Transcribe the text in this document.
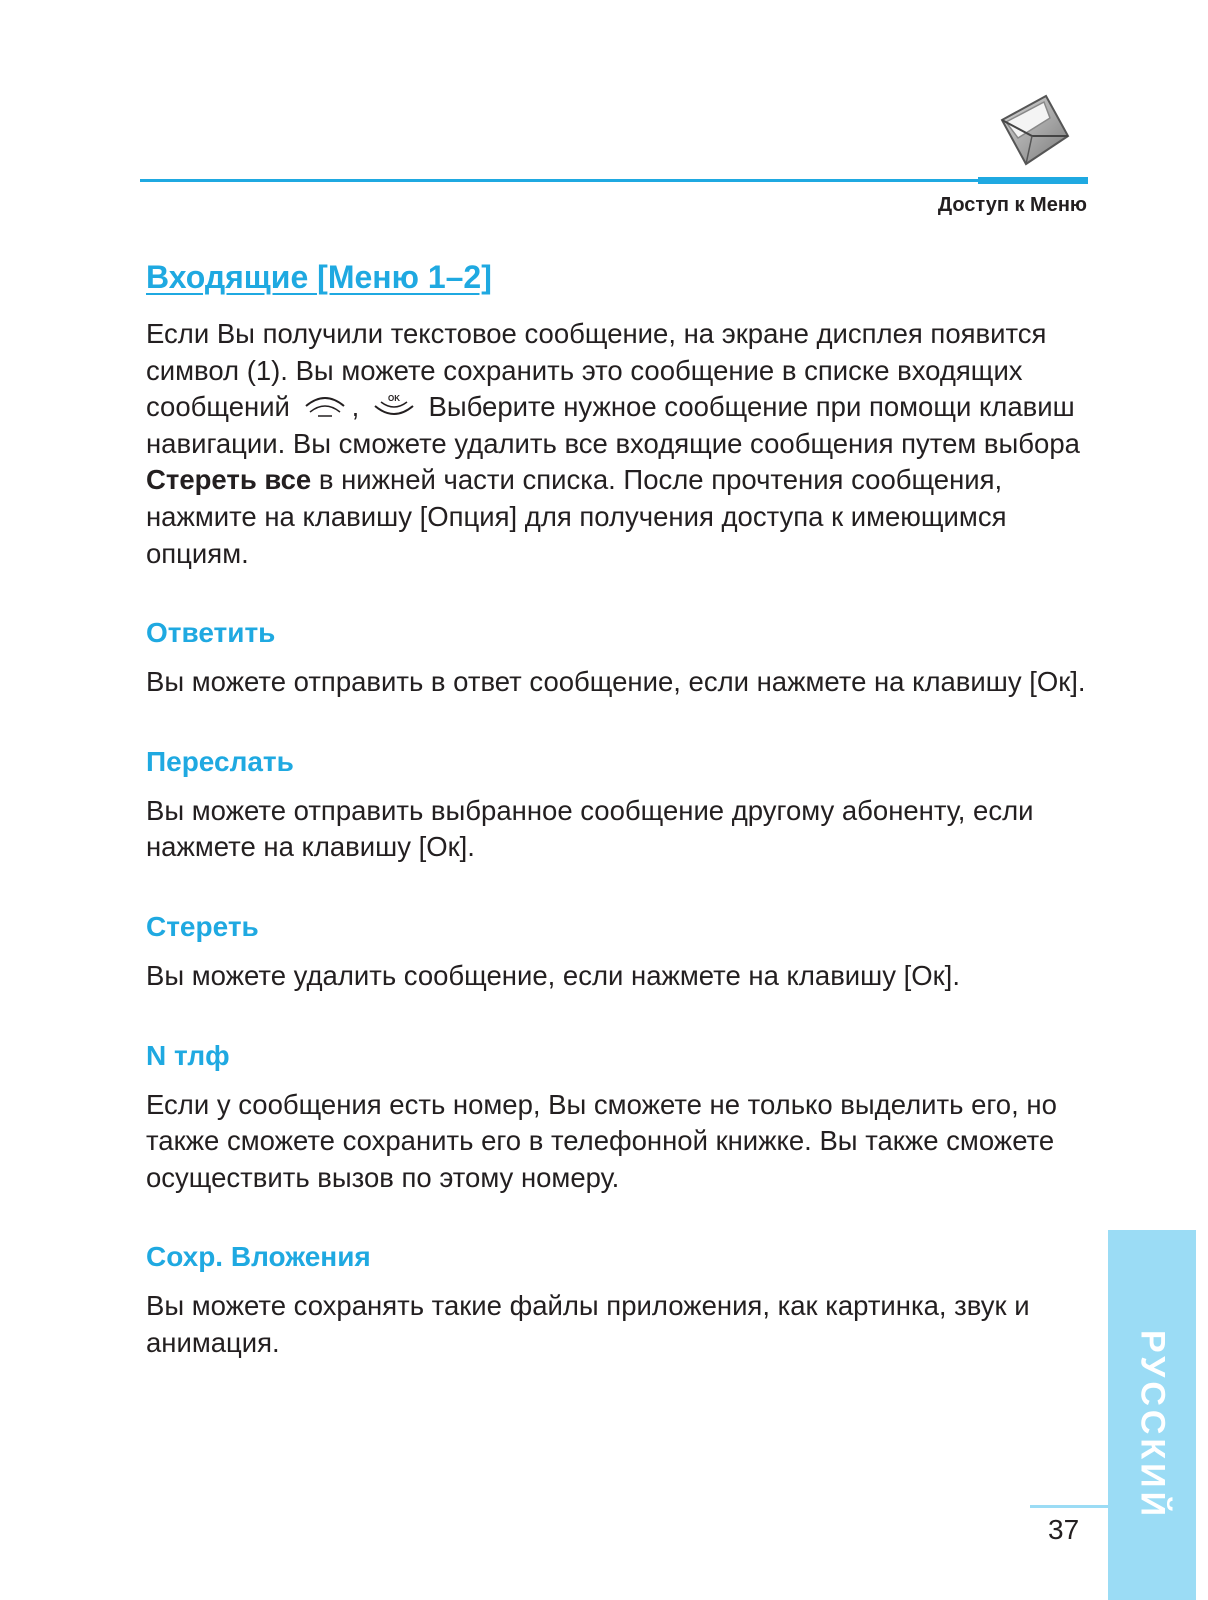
Доступ к Меню
Входящие [Меню 1–2]

Если Вы получили текстовое сообщение, на экране дисплея появится символ (1). Вы можете сохранить это сообщение в списке входящих сообщений ,	OK Выберите нужное сообщение при помощи клавиш навигации. Вы сможете удалить все входящие сообщения путем выбора Стереть все в нижней части списка. После прочтения сообщения, нажмите на клавишу [Опция] для получения доступа к имеющимся опциям.

Ответить

Вы можете отправить в ответ сообщение, если нажмете на клавишу [Ок].

Переслать

Вы можете отправить выбранное сообщение другому абоненту, если нажмете на клавишу [Ок].

Стереть

Вы можете удалить сообщение, если нажмете на клавишу [Ок].

N тлф

Если у сообщения есть номер, Вы сможете не только выделить его, но также сможете сохранить его в телефонной книжке. Вы также сможете осуществить вызов по этому номеру.

Сохр. Вложения

Вы можете сохранять такие файлы приложения, как картинка, звук и анимация.	РУССКИЙ
37
